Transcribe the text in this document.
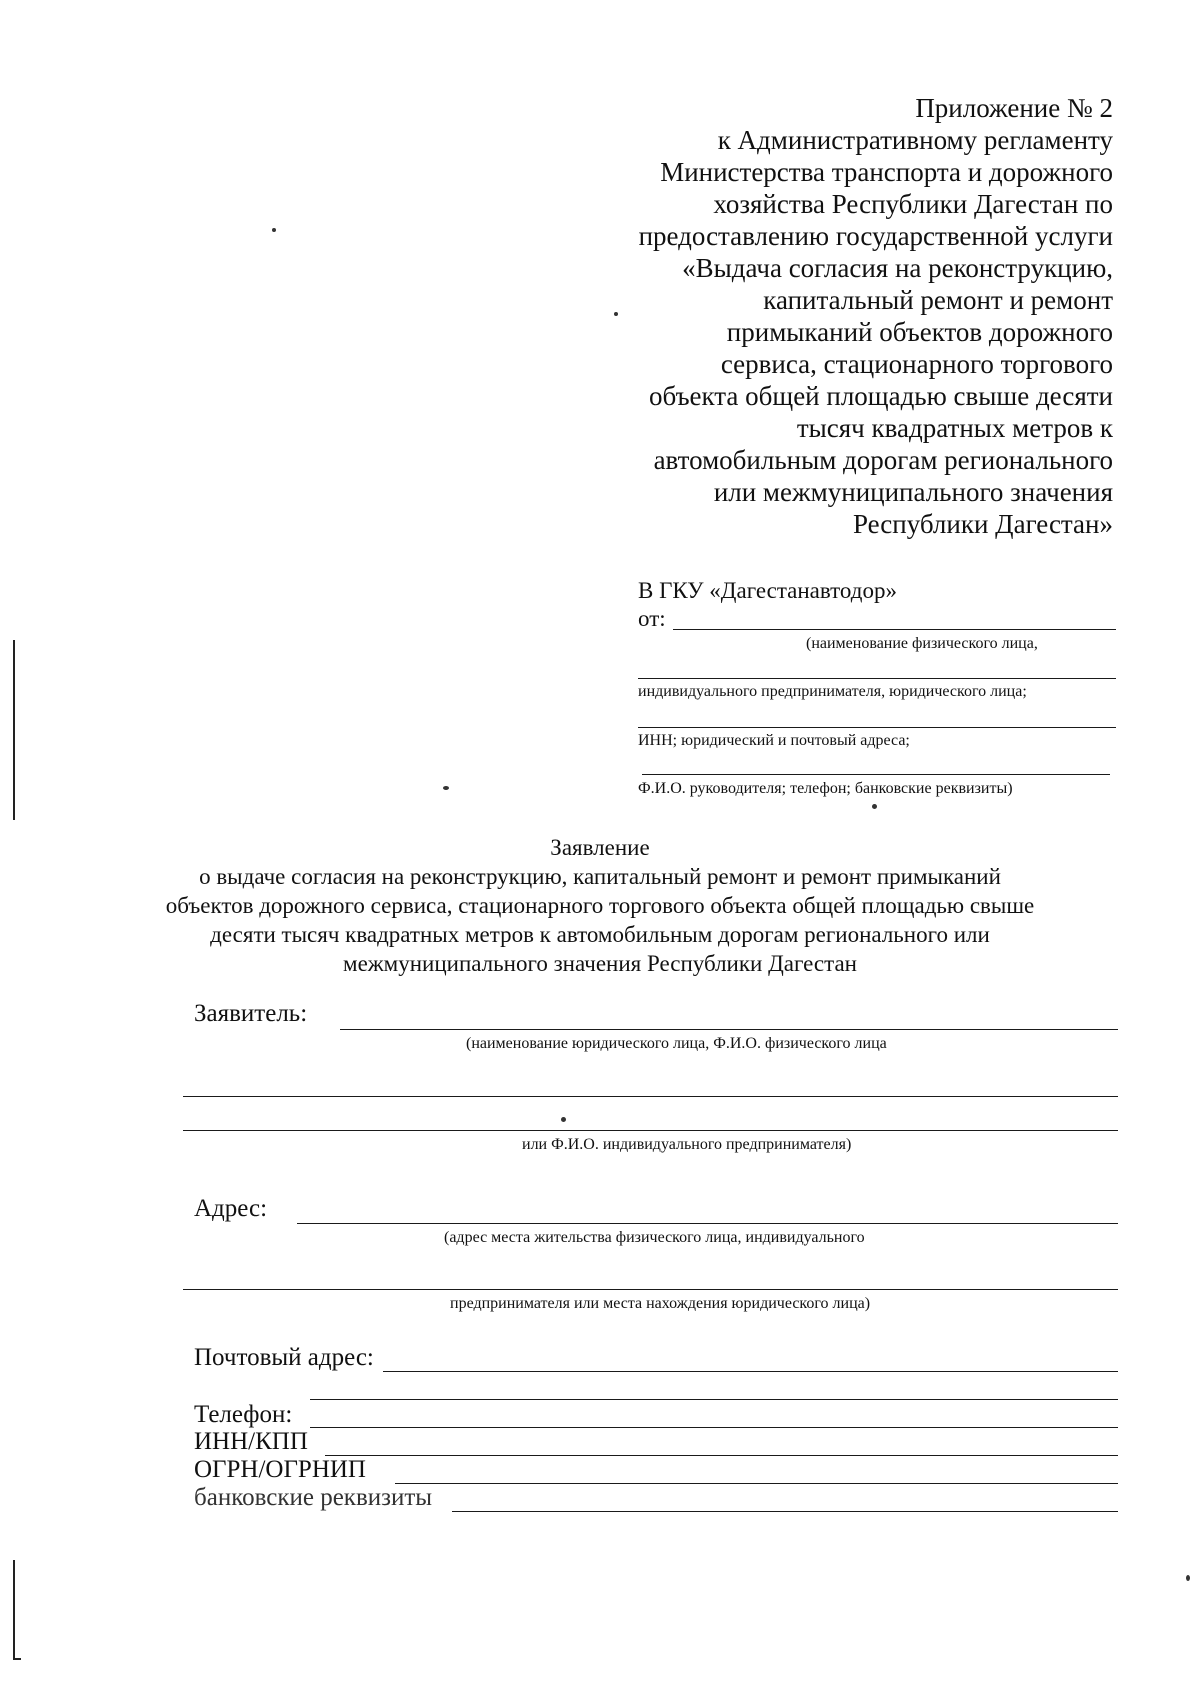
Приложение № 2
к Административному регламенту
Министерства транспорта и дорожного
хозяйства Республики Дагестан по
предоставлению государственной услуги
«Выдача согласия на реконструкцию,
капитальный ремонт и ремонт
примыканий объектов дорожного
сервиса, стационарного торгового
объекта общей площадью свыше десяти
тысяч квадратных метров к
автомобильным дорогам регионального
или межмуниципального значения
Республики Дагестан»
В ГКУ «Дагестанавтодор»
от:
(наименование физического лица,
индивидуального предпринимателя, юридического лица;
ИНН; юридический и почтовый адреса;
Ф.И.О. руководителя; телефон; банковские реквизиты)
Заявление
о выдаче согласия на реконструкцию, капитальный ремонт и ремонт примыканий
объектов дорожного сервиса, стационарного торгового объекта общей площадью свыше
десяти тысяч квадратных метров к автомобильным дорогам регионального или
межмуниципального значения Республики Дагестан
Заявитель:
(наименование юридического лица, Ф.И.О. физического лица
или Ф.И.О. индивидуального предпринимателя)
Адрес:
(адрес места жительства физического лица, индивидуального
предпринимателя или места нахождения юридического лица)
Почтовый адрес:
Телефон:
ИНН/КПП
ОГРН/ОГРНИП
банковские реквизиты
